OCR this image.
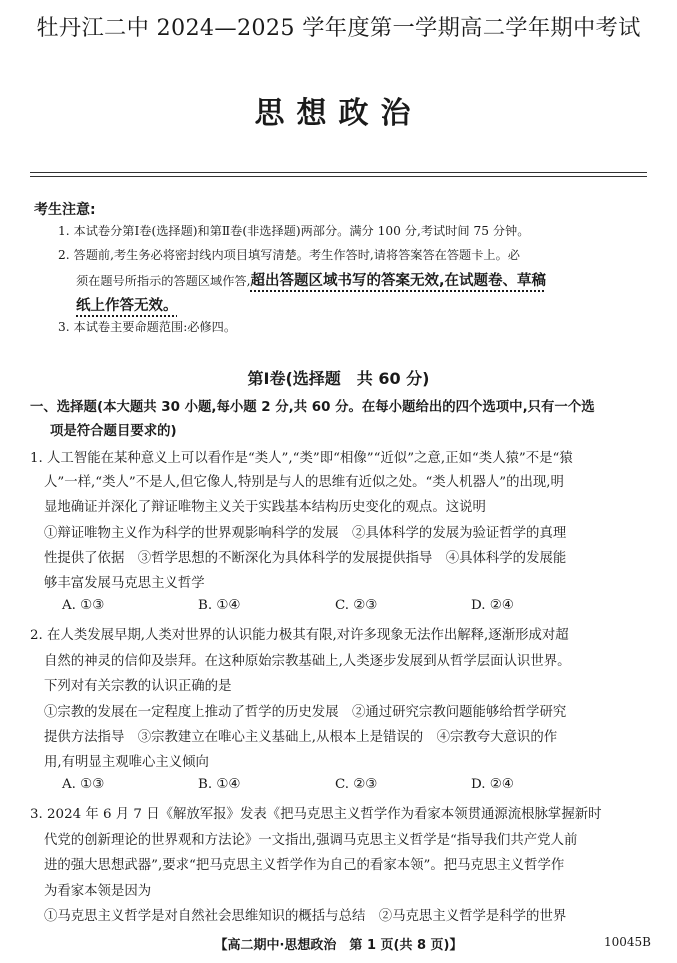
牡丹江二中 2024—2025 学年度第一学期高二学年期中考试
思想政治
考生注意:
1. 本试卷分第Ⅰ卷(选择题)和第Ⅱ卷(非选择题)两部分。满分 100 分,考试时间 75 分钟。
2. 答题前,考生务必将密封线内项目填写清楚。考生作答时,请将答案答在答题卡上。必
须在题号所指示的答题区域作答,超出答题区域书写的答案无效,在试题卷、草稿
纸上作答无效。
3. 本试卷主要命题范围:必修四。
第Ⅰ卷(选择题　共 60 分)
一、选择题(本大题共 30 小题,每小题 2 分,共 60 分。在每小题给出的四个选项中,只有一个选
项是符合题目要求的)
1. 人工智能在某种意义上可以看作是“类人”,“类”即“相像”“近似”之意,正如“类人猿”不是“猿
人”一样,“类人”不是人,但它像人,特别是与人的思维有近似之处。“类人机器人”的出现,明
显地确证并深化了辩证唯物主义关于实践基本结构历史变化的观点。这说明
①辩证唯物主义作为科学的世界观影响科学的发展　②具体科学的发展为验证哲学的真理
性提供了依据　③哲学思想的不断深化为具体科学的发展提供指导　④具体科学的发展能
够丰富发展马克思主义哲学
A. ①③	B. ①④	C. ②③	D. ②④
2. 在人类发展早期,人类对世界的认识能力极其有限,对许多现象无法作出解释,逐渐形成对超
自然的神灵的信仰及崇拜。在这种原始宗教基础上,人类逐步发展到从哲学层面认识世界。
下列对有关宗教的认识正确的是
①宗教的发展在一定程度上推动了哲学的历史发展　②通过研究宗教问题能够给哲学研究
提供方法指导　③宗教建立在唯心主义基础上,从根本上是错误的　④宗教夸大意识的作
用,有明显主观唯心主义倾向
A. ①③	B. ①④	C. ②③	D. ②④
3. 2024 年 6 月 7 日《解放军报》发表《把马克思主义哲学作为看家本领贯通源流根脉掌握新时
代党的创新理论的世界观和方法论》一文指出,强调马克思主义哲学是“指导我们共产党人前
进的强大思想武器”,要求“把马克思主义哲学作为自己的看家本领”。把马克思主义哲学作
为看家本领是因为
①马克思主义哲学是对自然社会思维知识的概括与总结　②马克思主义哲学是科学的世界
【高二期中·思想政治　第 1 页(共 8 页)】	10045B
